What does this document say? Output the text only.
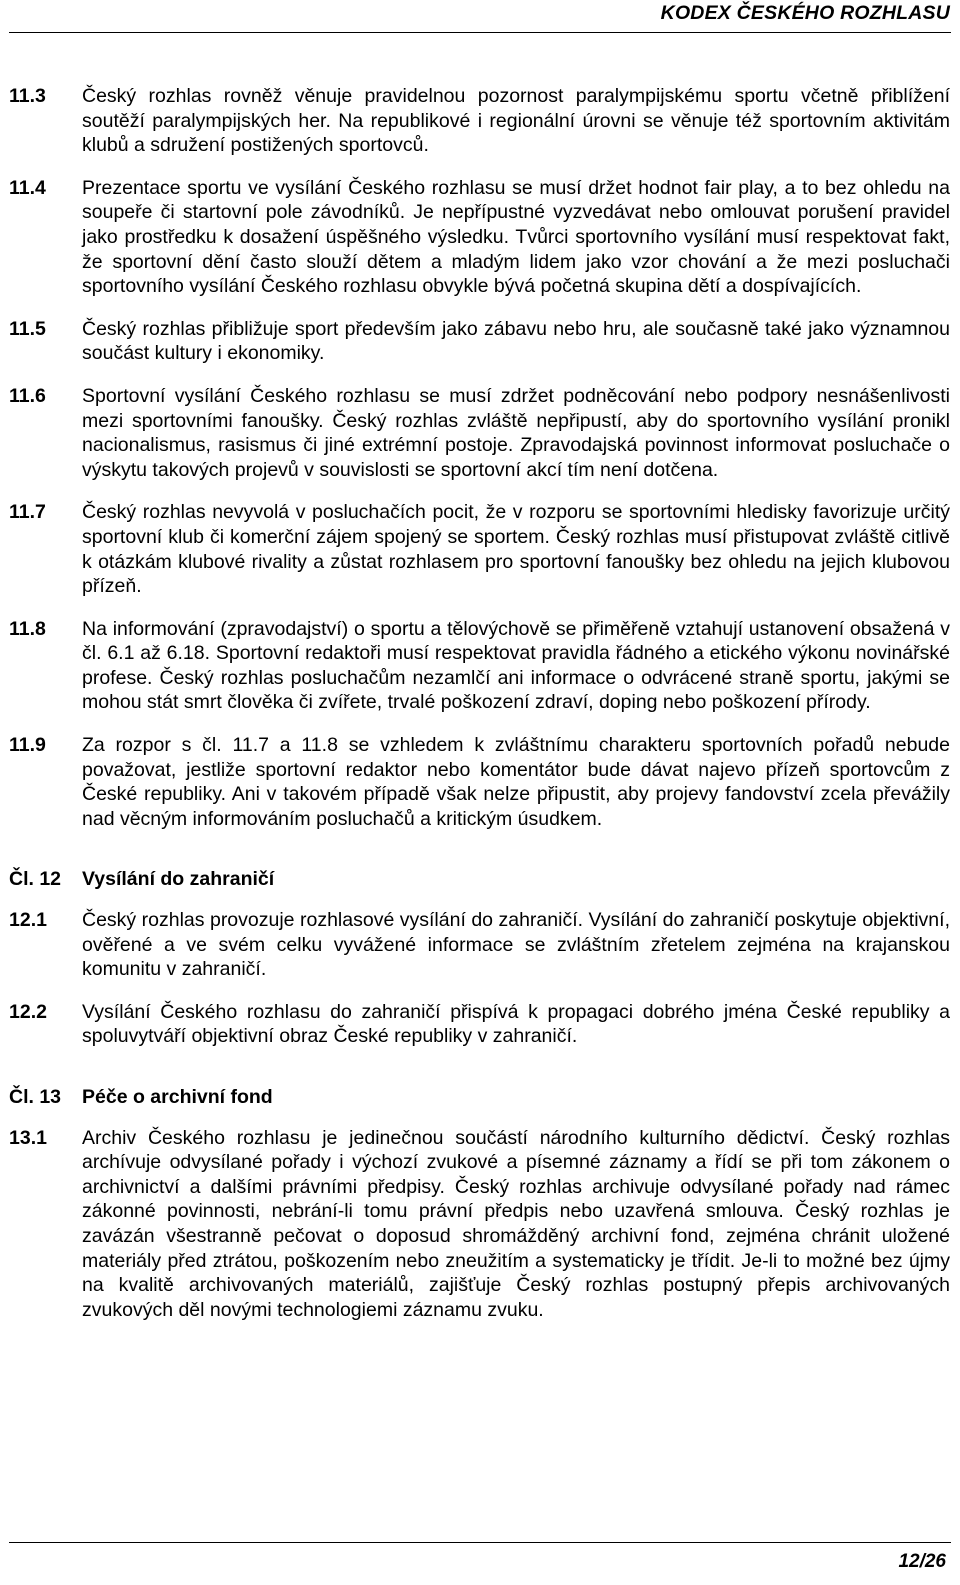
KODEX ČESKÉHO ROZHLASU
11.3 Český rozhlas rovněž věnuje pravidelnou pozornost paralympijskému sportu včetně přiblížení soutěží paralympijských her. Na republikové i regionální úrovni se věnuje též sportovním aktivitám klubů a sdružení postižených sportovců.
11.4 Prezentace sportu ve vysílání Českého rozhlasu se musí držet hodnot fair play, a to bez ohledu na soupeře či startovní pole závodníků. Je nepřípustné vyzvedávat nebo omlouvat porušení pravidel jako prostředku k dosažení úspěšného výsledku. Tvůrci sportovního vysílání musí respektovat fakt, že sportovní dění často slouží dětem a mladým lidem jako vzor chování a že mezi posluchači sportovního vysílání Českého rozhlasu obvykle bývá početná skupina dětí a dospívajících.
11.5 Český rozhlas přibližuje sport především jako zábavu nebo hru, ale současně také jako významnou součást kultury i ekonomiky.
11.6 Sportovní vysílání Českého rozhlasu se musí zdržet podněcování nebo podpory nesnášenlivosti mezi sportovními fanoušky. Český rozhlas zvláště nepřipustí, aby do sportovního vysílání pronikl nacionalismus, rasismus či jiné extrémní postoje. Zpravodajská povinnost informovat posluchače o výskytu takových projevů v souvislosti se sportovní akcí tím není dotčena.
11.7 Český rozhlas nevyvolá v posluchačích pocit, že v rozporu se sportovními hledisky favorizuje určitý sportovní klub či komerční zájem spojený se sportem. Český rozhlas musí přistupovat zvláště citlivě k otázkám klubové rivality a zůstat rozhlasem pro sportovní fanoušky bez ohledu na jejich klubovou přízeň.
11.8 Na informování (zpravodajství) o sportu a tělovýchově se přiměřeně vztahují ustanovení obsažená v čl. 6.1 až 6.18. Sportovní redaktoři musí respektovat pravidla řádného a etického výkonu novinářské profese. Český rozhlas posluchačům nezamlčí ani informace o odvrácené straně sportu, jakými se mohou stát smrt člověka či zvířete, trvalé poškození zdraví, doping nebo poškození přírody.
11.9 Za rozpor s čl. 11.7 a 11.8 se vzhledem k zvláštnímu charakteru sportovních pořadů nebude považovat, jestliže sportovní redaktor nebo komentátor bude dávat najevo přízeň sportovcům z České republiky. Ani v takovém případě však nelze připustit, aby projevy fandovství zcela převážily nad věcným informováním posluchačů a kritickým úsudkem.
Čl. 12 Vysílání do zahraničí
12.1 Český rozhlas provozuje rozhlasové vysílání do zahraničí. Vysílání do zahraničí poskytuje objektivní, ověřené a ve svém celku vyvážené informace se zvláštním zřetelem zejména na krajanskou komunitu v zahraničí.
12.2 Vysílání Českého rozhlasu do zahraničí přispívá k propagaci dobrého jména České republiky a spoluvytváří objektivní obraz České republiky v zahraničí.
Čl. 13 Péče o archivní fond
13.1 Archiv Českého rozhlasu je jedinečnou součástí národního kulturního dědictví. Český rozhlas archívuje odvysílané pořady i výchozí zvukové a písemné záznamy a řídí se při tom zákonem o archivnictví a dalšími právními předpisy. Český rozhlas archivuje odvysílané pořady nad rámec zákonné povinnosti, nebrání-li tomu právní předpis nebo uzavřená smlouva. Český rozhlas je zavázán všestranně pečovat o doposud shromážděný archivní fond, zejména chránit uložené materiály před ztrátou, poškozením nebo zneužitím a systematicky je třídit. Je-li to možné bez újmy na kvalitě archivovaných materiálů, zajišťuje Český rozhlas postupný přepis archivovaných zvukových děl novými technologiemi záznamu zvuku.
12/26
